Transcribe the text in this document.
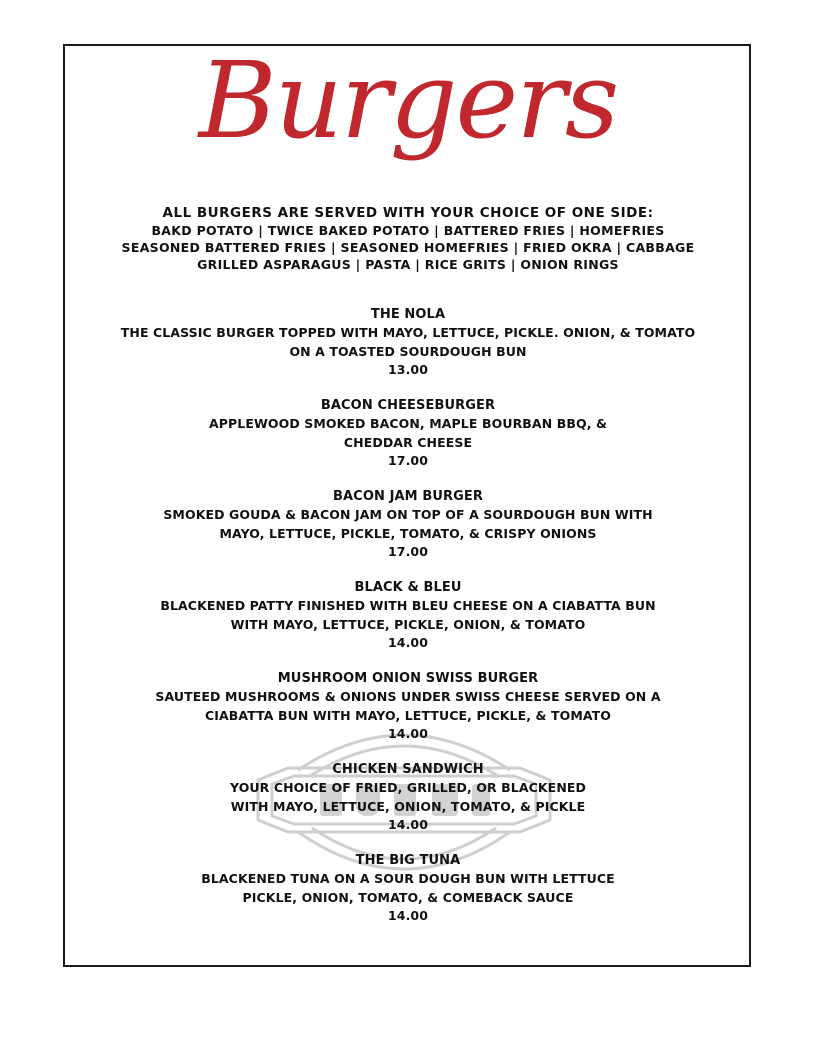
Burgers
ALL BURGERS ARE SERVED WITH YOUR CHOICE OF ONE SIDE:
BAKD POTATO | TWICE BAKED POTATO | BATTERED FRIES | HOMEFRIES
SEASONED BATTERED FRIES | SEASONED HOMEFRIES | FRIED OKRA | CABBAGE
GRILLED ASPARAGUS | PASTA | RICE GRITS | ONION RINGS
THE NOLA
THE CLASSIC BURGER TOPPED WITH MAYO, LETTUCE, PICKLE. ONION, & TOMATO
ON A TOASTED SOURDOUGH BUN
13.00
BACON CHEESEBURGER
APPLEWOOD SMOKED BACON, MAPLE BOURBAN BBQ, &
CHEDDAR CHEESE
17.00
BACON JAM BURGER
SMOKED GOUDA & BACON JAM ON TOP OF A SOURDOUGH BUN WITH
MAYO, LETTUCE, PICKLE, TOMATO, & CRISPY ONIONS
17.00
BLACK & BLEU
BLACKENED PATTY FINISHED WITH BLEU CHEESE ON A CIABATTA BUN
WITH MAYO, LETTUCE, PICKLE, ONION, & TOMATO
14.00
MUSHROOM ONION SWISS BURGER
SAUTEED MUSHROOMS & ONIONS UNDER SWISS CHEESE SERVED ON A
CIABATTA BUN WITH MAYO, LETTUCE, PICKLE, & TOMATO
14.00
CHICKEN SANDWICH
YOUR CHOICE OF FRIED, GRILLED, OR BLACKENED
WITH MAYO, LETTUCE, ONION, TOMATO, & PICKLE
14.00
THE BIG TUNA
BLACKENED TUNA ON A SOUR DOUGH BUN WITH LETTUCE
PICKLE, ONION, TOMATO, & COMEBACK SAUCE
14.00
